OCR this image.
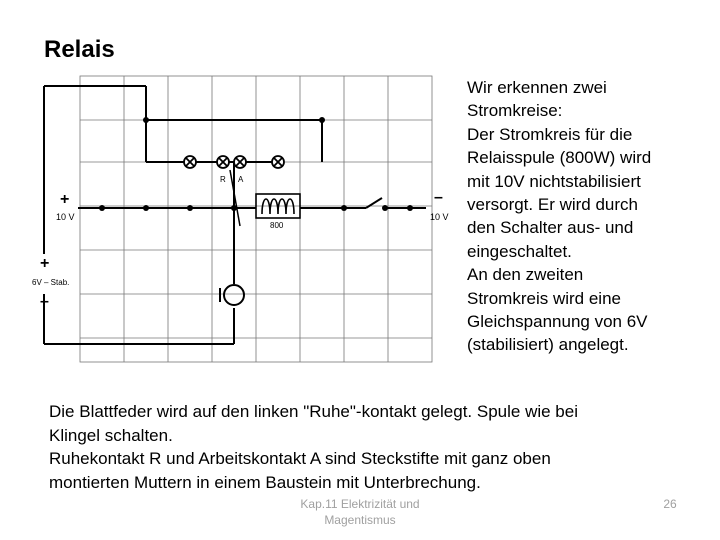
Relais
+
10 V
+
6V – Stab.
–
–
10 V
R A
800
Wir erkennen zwei
Stromkreise:
Der Stromkreis für die
Relaisspule (800W) wird
mit 10V nichtstabilisiert
versorgt. Er wird durch
den Schalter aus- und
eingeschaltet.
An den zweiten
Stromkreis wird eine
Gleichspannung von 6V
(stabilisiert) angelegt.
Die Blattfeder wird auf den linken "Ruhe"-kontakt gelegt. Spule wie bei
Klingel schalten.
Ruhekontakt R und Arbeitskontakt A sind Steckstifte mit ganz oben
montierten Muttern in einem Baustein mit Unterbrechung.
Kap.11 Elektrizität und
Magentismus
26
